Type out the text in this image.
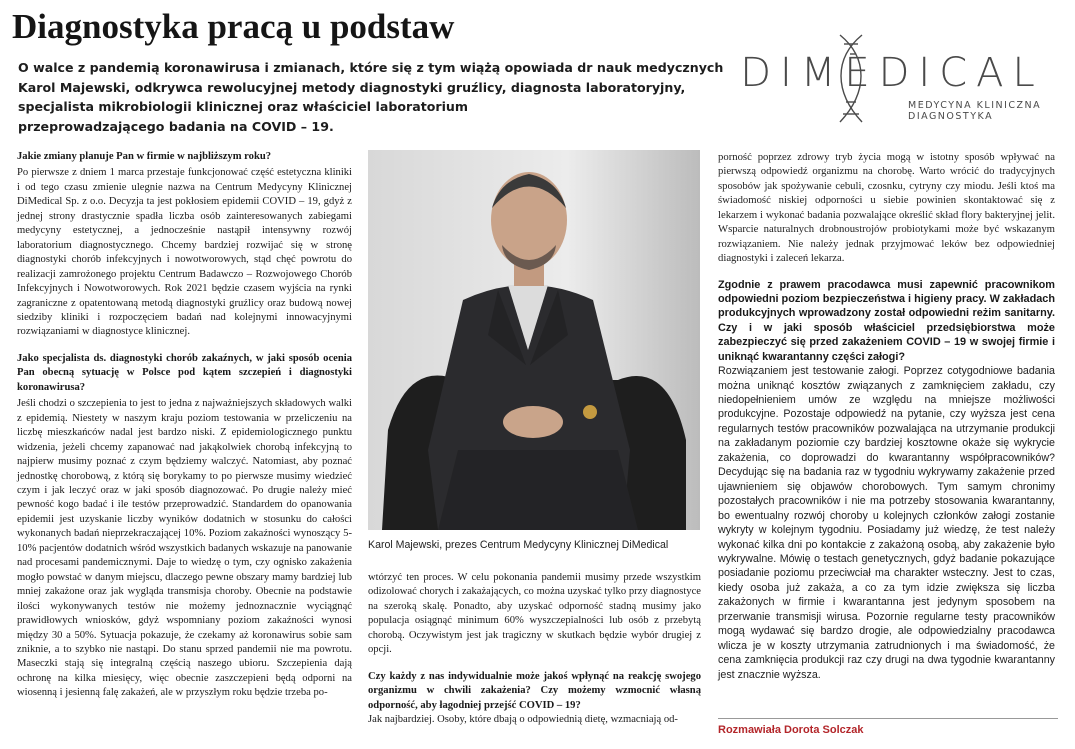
Diagnostyka pracą u podstaw
O walce z pandemią koronawirusa i zmianach, które się z tym wiążą opowiada dr nauk medycznych
Karol Majewski, odkrywca rewolucyjnej metody diagnostyki gruźlicy, diagnosta laboratoryjny,
specjalista mikrobiologii klinicznej oraz właściciel laboratorium
przeprowadzającego badania na COVID – 19.
DIMEDICAL
MEDYCYNA KLINICZNA
DIAGNOSTYKA

Jakie zmiany planuje Pan w firmie w najbliższym roku?

Po pierwsze z dniem 1 marca przestaje funkcjonować część estetyczna kliniki i od tego czasu zmienie ulegnie nazwa na Centrum Medycyny Klinicznej DiMedical Sp. z o.o. Decyzja ta jest pokłosiem epidemii COVID – 19, gdyż z jednej strony drastycznie spadła liczba osób zainteresowanych zabiegami medycyny estetycznej, a jednocześnie nastąpił intensywny rozwój laboratorium diagnostycznego. Chcemy bardziej rozwijać się w stronę diagnostyki chorób infekcyjnych i nowotworowych, stąd chęć powrotu do realizacji zamrożonego projektu Centrum Badawczo – Rozwojowego Chorób Infekcyjnych i Nowotworowych. Rok 2021 będzie czasem wyjścia na rynki zagraniczne z opatentowaną metodą diagnostyki gruźlicy oraz budową nowej siedziby kliniki i rozpoczęciem badań nad kolejnymi innowacyjnymi rozwiązaniami w diagnostyce klinicznej.

Jako specjalista ds. diagnostyki chorób zakaźnych, w jaki sposób ocenia Pan obecną sytuację w Polsce pod kątem szczepień i diagnostyki koronawirusa?

Jeśli chodzi o szczepienia to jest to jedna z najważniejszych składowych walki z epidemią. Niestety w naszym kraju poziom testowania w przeliczeniu na liczbę mieszkańców nadal jest bardzo niski. Z epidemiologicznego punktu widzenia, jeżeli chcemy zapanować nad jakąkolwiek chorobą infekcyjną to najpierw musimy poznać z czym będziemy walczyć. Natomiast, aby poznać jednostkę chorobową, z którą się borykamy to po pierwsze musimy wiedzieć czym i jak leczyć oraz w jaki sposób diagnozować. Po drugie należy mieć pewność kogo badać i ile testów przeprowadzić. Standardem do opanowania epidemii jest uzyskanie liczby wyników dodatnich w stosunku do całości wykonanych badań nieprzekraczającej 10%. Poziom zakaźności wynoszący 5-10% pacjentów dodatnich wśród wszystkich badanych wskazuje na panowanie nad procesami pandemicznymi. Daje to wiedzę o tym, czy ognisko zakażenia mogło powstać w danym miejscu, dlaczego pewne obszary mamy bardziej lub mniej zakażone oraz jak wygląda transmisja choroby. Obecnie na podstawie ilości wykonywanych testów nie możemy jednoznacznie wyciągnąć prawidłowych wniosków, gdyż wspomniany poziom zakaźności wynosi między 30 a 50%. Sytuacja pokazuje, że czekamy aż koronawirus sobie sam zniknie, a to szybko nie nastąpi. Do stanu sprzed pandemii nie ma powrotu. Maseczki stają się integralną częścią naszego ubioru. Szczepienia dają ochronę na kilka miesięcy, więc obecnie zaszczepieni będą odporni na wiosenną i jesienną falę zakażeń, ale w przyszłym roku będzie trzeba po-

Karol Majewski, prezes Centrum Medycyny Klinicznej DiMedical

wtórzyć ten proces. W celu pokonania pandemii musimy przede wszystkim odizolować chorych i zakażających, co można uzyskać tylko przy diagnostyce na szeroką skalę. Ponadto, aby uzyskać odporność stadną musimy jako populacja osiągnąć minimum 60% wyszczepialności lub osób z przebytą chorobą. Oczywistym jest jak tragiczny w skutkach będzie wybór drugiej z opcji.

Czy każdy z nas indywidualnie może jakoś wpłynąć na reakcję swojego organizmu w chwili zakażenia? Czy możemy wzmocnić własną odporność, aby łagodniej przejść COVID – 19?

Jak najbardziej. Osoby, które dbają o odpowiednią dietę, wzmacniają od-

porność poprzez zdrowy tryb życia mogą w istotny sposób wpływać na pierwszą odpowiedź organizmu na chorobę. Warto wrócić do tradycyjnych sposobów jak spożywanie cebuli, czosnku, cytryny czy miodu. Jeśli ktoś ma świadomość niskiej odporności u siebie powinien skontaktować się z lekarzem i wykonać badania pozwalające określić skład flory bakteryjnej jelit. Wsparcie naturalnych drobnoustrojów probiotykami może być wskazanym rozwiązaniem. Nie należy jednak przyjmować leków bez odpowiedniej diagnostyki i zaleceń lekarza.

Zgodnie z prawem pracodawca musi zapewnić pracownikom odpowiedni poziom bezpieczeństwa i higieny pracy. W zakładach produkcyjnych wprowadzony został odpowiedni reżim sanitarny. Czy i w jaki sposób właściciel przedsiębiorstwa może zabezpieczyć się przed zakażeniem COVID – 19 w swojej firmie i uniknąć kwarantanny części załogi?

Rozwiązaniem jest testowanie załogi. Poprzez cotygodniowe badania można uniknąć kosztów związanych z zamknięciem zakładu, czy niedopełnieniem umów ze względu na mniejsze możliwości produkcyjne. Pozostaje odpowiedź na pytanie, czy wyższa jest cena regularnych testów pracowników pozwalająca na utrzymanie produkcji na zakładanym poziomie czy bardziej kosztowne okaże się wykrycie zakażenia, co doprowadzi do kwarantanny współpracowników? Decydując się na badania raz w tygodniu wykrywamy zakażenie przed ujawnieniem się objawów chorobowych. Tym samym chronimy pozostałych pracowników i nie ma potrzeby stosowania kwarantanny, bo ewentualny rozwój choroby u kolejnych członków załogi zostanie wykryty w kolejnym tygodniu. Posiadamy już wiedzę, że test należy wykonać kilka dni po kontakcie z zakażoną osobą, aby zakażenie było wykrywalne. Mówię o testach genetycznych, gdyż badanie pokazujące posiadanie poziomu przeciwciał ma charakter wsteczny. Jest to czas, kiedy osoba już zakaża, a co za tym idzie zwiększa się liczba zakażonych w firmie i kwarantanna jest jedynym sposobem na przerwanie transmisji wirusa. Pozornie regularne testy pracowników mogą wydawać się bardzo drogie, ale odpowiedzialny pracodawca wlicza je w koszty utrzymania zatrudnionych i ma świadomość, że cena zamknięcia produkcji raz czy drugi na dwa tygodnie kwarantanny jest znacznie wyższa.

Rozmawiała Dorota Solczak
